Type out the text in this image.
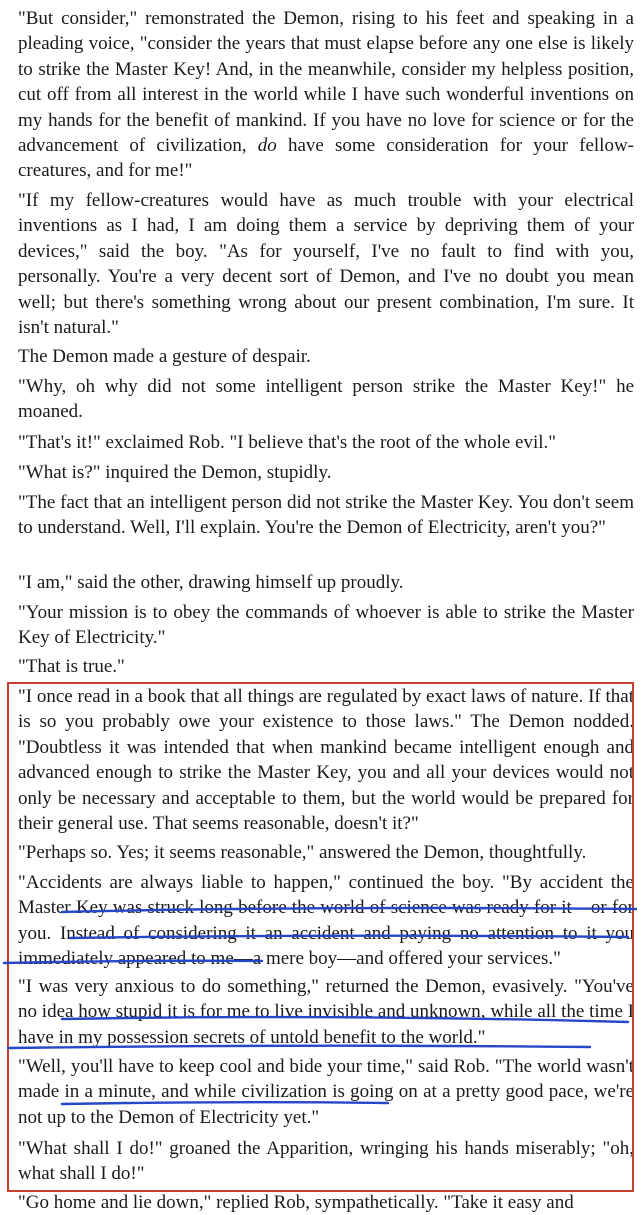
"But consider," remonstrated the Demon, rising to his feet and speaking in a pleading voice, "consider the years that must elapse before any one else is likely to strike the Master Key! And, in the meanwhile, consider my helpless position, cut off from all interest in the world while I have such wonderful inventions on my hands for the benefit of mankind. If you have no love for science or for the advancement of civilization, do have some consideration for your fellow-creatures, and for me!"

"If my fellow-creatures would have as much trouble with your electrical inventions as I had, I am doing them a service by depriving them of your devices," said the boy. "As for yourself, I've no fault to find with you, personally. You're a very decent sort of Demon, and I've no doubt you mean well; but there's something wrong about our present combination, I'm sure. It isn't natural."

The Demon made a gesture of despair.

"Why, oh why did not some intelligent person strike the Master Key!" he moaned.

"That's it!" exclaimed Rob. "I believe that's the root of the whole evil."

"What is?" inquired the Demon, stupidly.

"The fact that an intelligent person did not strike the Master Key. You don't seem to understand. Well, I'll explain. You're the Demon of Electricity, aren't you?"

"I am," said the other, drawing himself up proudly.

"Your mission is to obey the commands of whoever is able to strike the Master Key of Electricity."

"That is true."

"I once read in a book that all things are regulated by exact laws of nature. If that is so you probably owe your existence to those laws." The Demon nodded. "Doubtless it was intended that when mankind became intelligent enough and advanced enough to strike the Master Key, you and all your devices would not only be necessary and acceptable to them, but the world would be prepared for their general use. That seems reasonable, doesn't it?"

"Perhaps so. Yes; it seems reasonable," answered the Demon, thoughtfully.

"Accidents are always liable to happen," continued the boy. "By accident the Master Key was struck long before the world of science was ready for it—or for you. Instead of considering it an accident and paying no attention to it you immediately appeared to me—a mere boy—and offered your services."

"I was very anxious to do something," returned the Demon, evasively. "You've no idea how stupid it is for me to live invisible and unknown, while all the time I have in my possession secrets of untold benefit to the world."

"Well, you'll have to keep cool and bide your time," said Rob. "The world wasn't made in a minute, and while civilization is going on at a pretty good pace, we're not up to the Demon of Electricity yet."

"What shall I do!" groaned the Apparition, wringing his hands miserably; "oh, what shall I do!"

"Go home and lie down," replied Rob, sympathetically. "Take it easy and
